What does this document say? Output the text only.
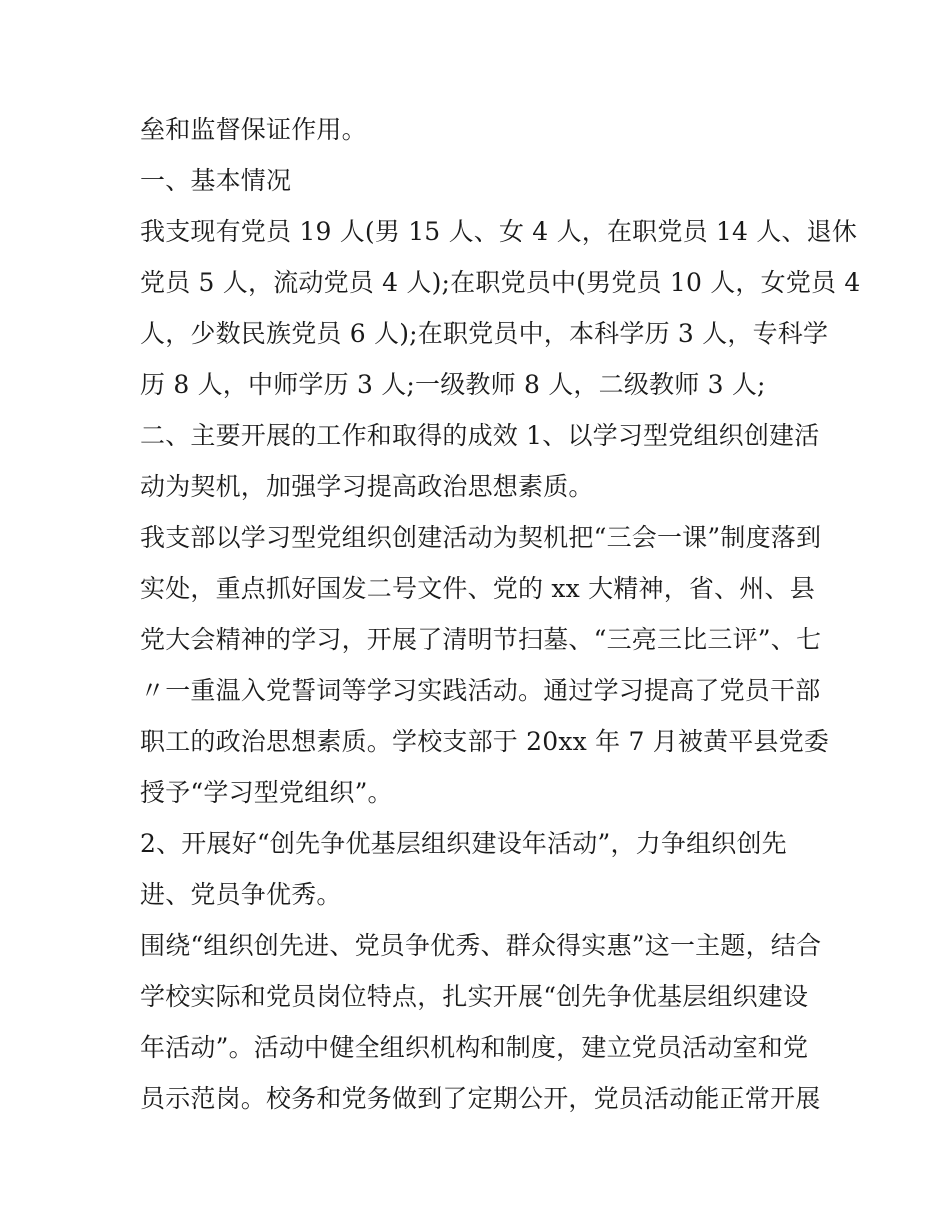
垒和监督保证作用。
一、基本情况
我支现有党员 19 人(男 15 人、女 4 人，在职党员 14 人、退休
党员 5 人，流动党员 4 人);在职党员中(男党员 10 人，女党员 4
人，少数民族党员 6 人);在职党员中，本科学历 3 人，专科学
历 8 人，中师学历 3 人;一级教师 8 人，二级教师 3 人;
二、主要开展的工作和取得的成效 1、以学习型党组织创建活
动为契机，加强学习提高政治思想素质。
我支部以学习型党组织创建活动为契机把“三会一课”制度落到
实处，重点抓好国发二号文件、党的 xx 大精神，省、州、县
党大会精神的学习，开展了清明节扫墓、“三亮三比三评”、七
〃一重温入党誓词等学习实践活动。通过学习提高了党员干部
职工的政治思想素质。学校支部于 20xx 年 7 月被黄平县党委
授予“学习型党组织”。
2、开展好“创先争优基层组织建设年活动”，力争组织创先
进、党员争优秀。
围绕“组织创先进、党员争优秀、群众得实惠”这一主题，结合
学校实际和党员岗位特点，扎实开展“创先争优基层组织建设
年活动”。活动中健全组织机构和制度，建立党员活动室和党
员示范岗。校务和党务做到了定期公开，党员活动能正常开展
